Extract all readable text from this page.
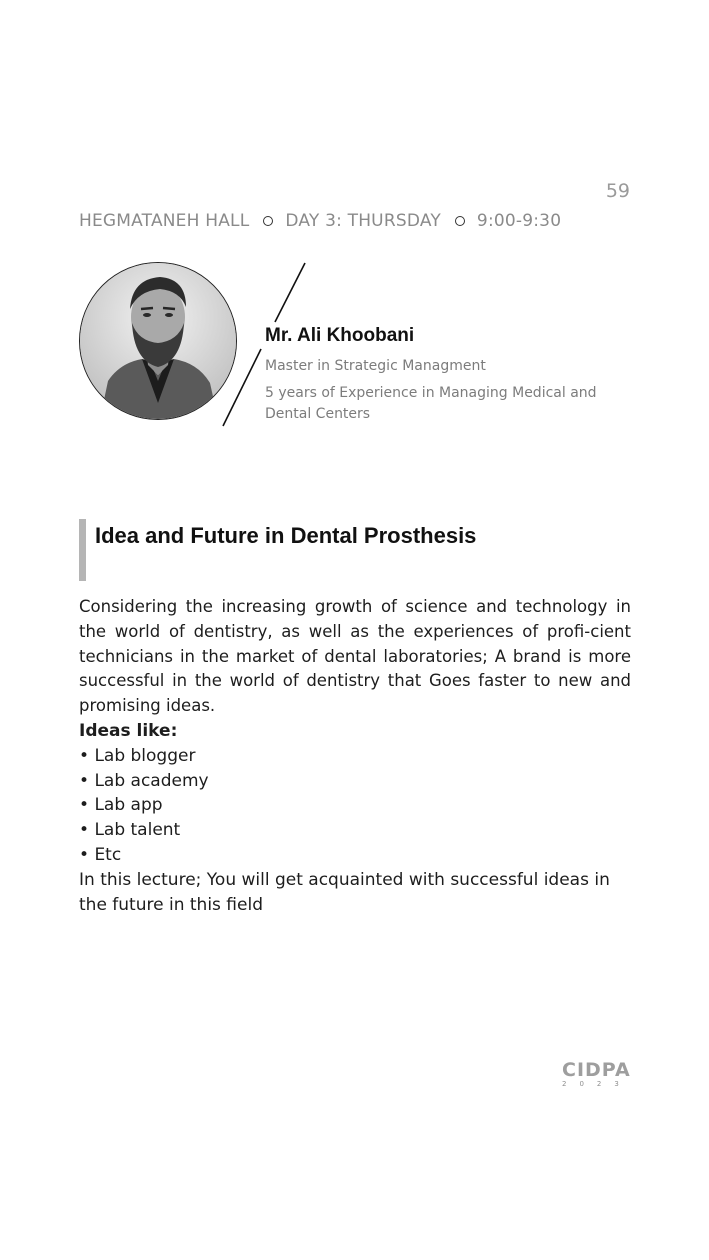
59
HEGMATANEH HALL DAY 3: THURSDAY 9:00-9:30
Mr. Ali Khoobani
Master in Strategic Managment
5 years of Experience in Managing Medical and Dental Centers
Idea and Future in Dental Prosthesis

Considering the increasing growth of science and technology in the world of dentistry, as well as the experiences of profi-cient technicians in the market of dental laboratories; A brand is more successful in the world of dentistry that Goes faster to new and promising ideas.

Ideas like:

• Lab blogger
• Lab academy
• Lab app
• Lab talent
• Etc

In this lecture; You will get acquainted with successful ideas in the future in this field

CIDPA
2023
